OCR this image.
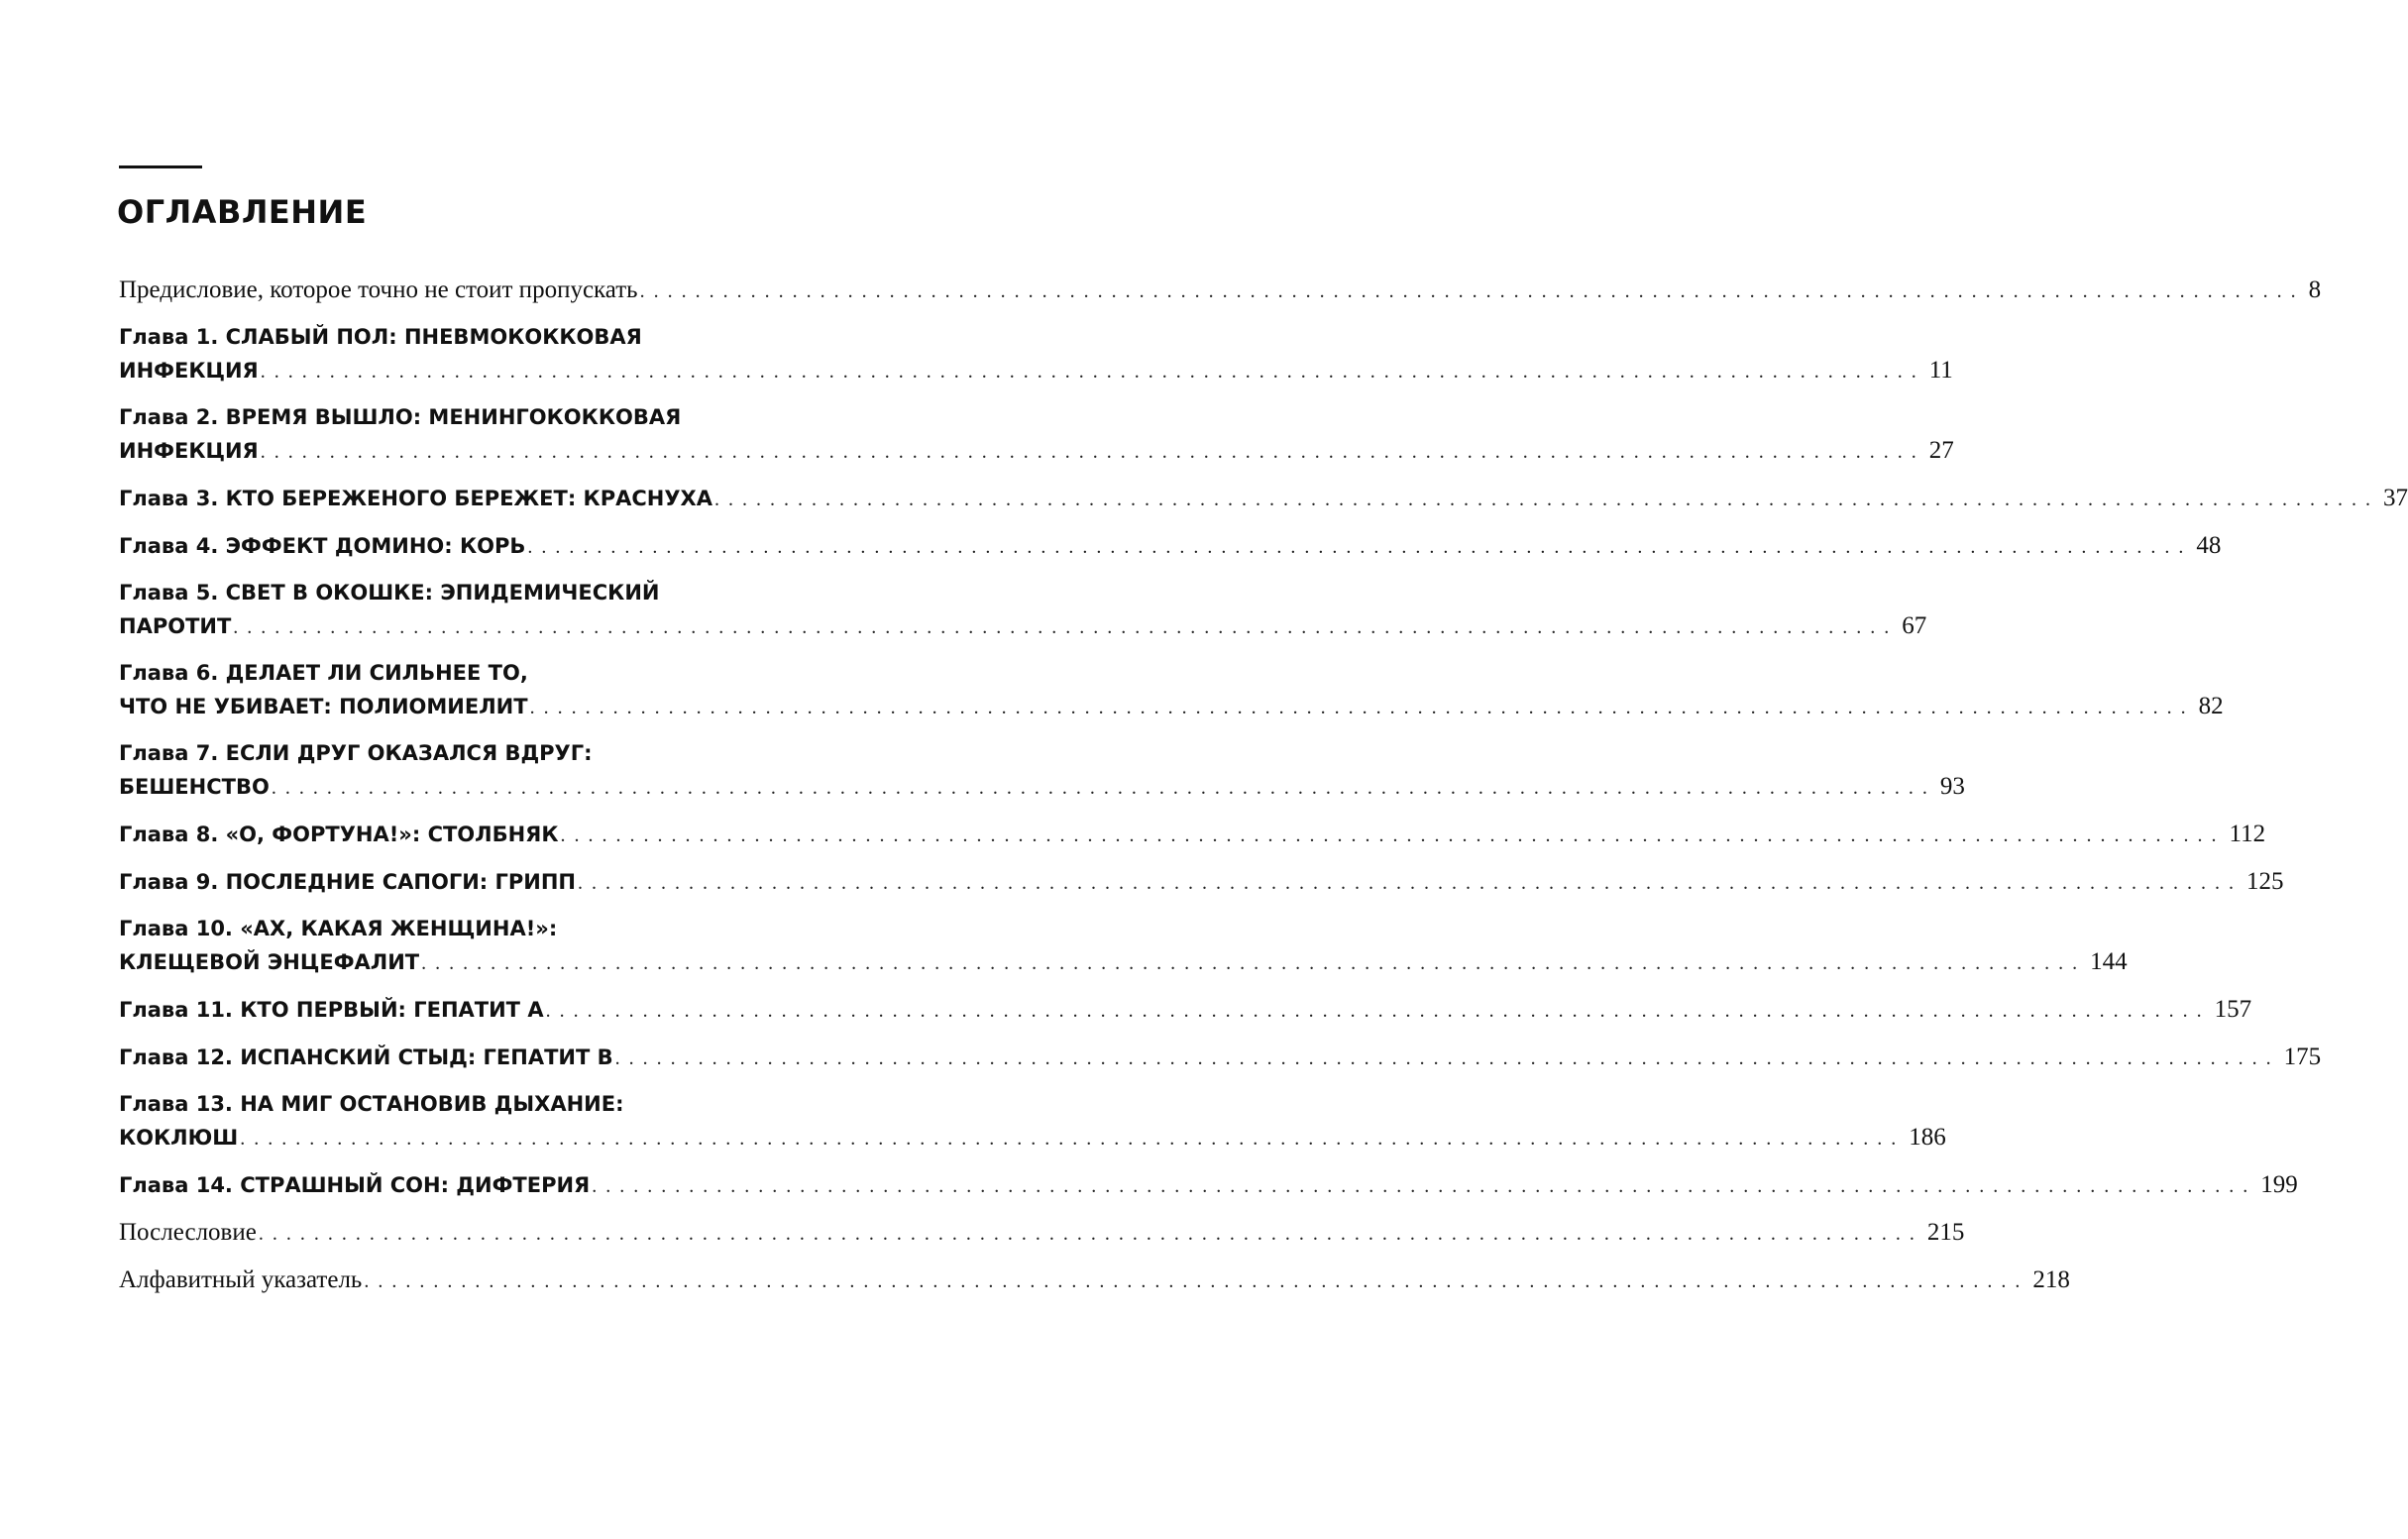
ОГЛАВЛЕНИЕ
Предисловие, которое точно не стоит пропускать ........................................................................................................................ 8
Глава 1. СЛАБЫЙ ПОЛ: ПНЕВМОКОККОВАЯ
ИНФЕКЦИЯ ........................................................................................................................ 11
Глава 2. ВРЕМЯ ВЫШЛО: МЕНИНГОКОККОВАЯ
ИНФЕКЦИЯ ........................................................................................................................ 27
Глава 3. КТО БЕРЕЖЕНОГО БЕРЕЖЕТ: КРАСНУХА ........................................................................................................................ 37
Глава 4. ЭФФЕКТ ДОМИНО: КОРЬ ........................................................................................................................ 48
Глава 5. СВЕТ В ОКОШКЕ: ЭПИДЕМИЧЕСКИЙ
ПАРОТИТ ........................................................................................................................ 67
Глава 6. ДЕЛАЕТ ЛИ СИЛЬНЕЕ ТО,
ЧТО НЕ УБИВАЕТ: ПОЛИОМИЕЛИТ ........................................................................................................................ 82
Глава 7. ЕСЛИ ДРУГ ОКАЗАЛСЯ ВДРУГ:
БЕШЕНСТВО ........................................................................................................................ 93
Глава 8. «О, ФОРТУНА!»: СТОЛБНЯК ........................................................................................................................ 112
Глава 9. ПОСЛЕДНИЕ САПОГИ: ГРИПП ........................................................................................................................ 125
Глава 10. «АХ, КАКАЯ ЖЕНЩИНА!»:
КЛЕЩЕВОЙ ЭНЦЕФАЛИТ ........................................................................................................................ 144
Глава 11. КТО ПЕРВЫЙ: ГЕПАТИТ А ........................................................................................................................ 157
Глава 12. ИСПАНСКИЙ СТЫД: ГЕПАТИТ В ........................................................................................................................ 175
Глава 13. НА МИГ ОСТАНОВИВ ДЫХАНИЕ:
КОКЛЮШ ........................................................................................................................ 186
Глава 14. СТРАШНЫЙ СОН: ДИФТЕРИЯ ........................................................................................................................ 199
Послесловие ........................................................................................................................ 215
Алфавитный указатель ........................................................................................................................ 218
